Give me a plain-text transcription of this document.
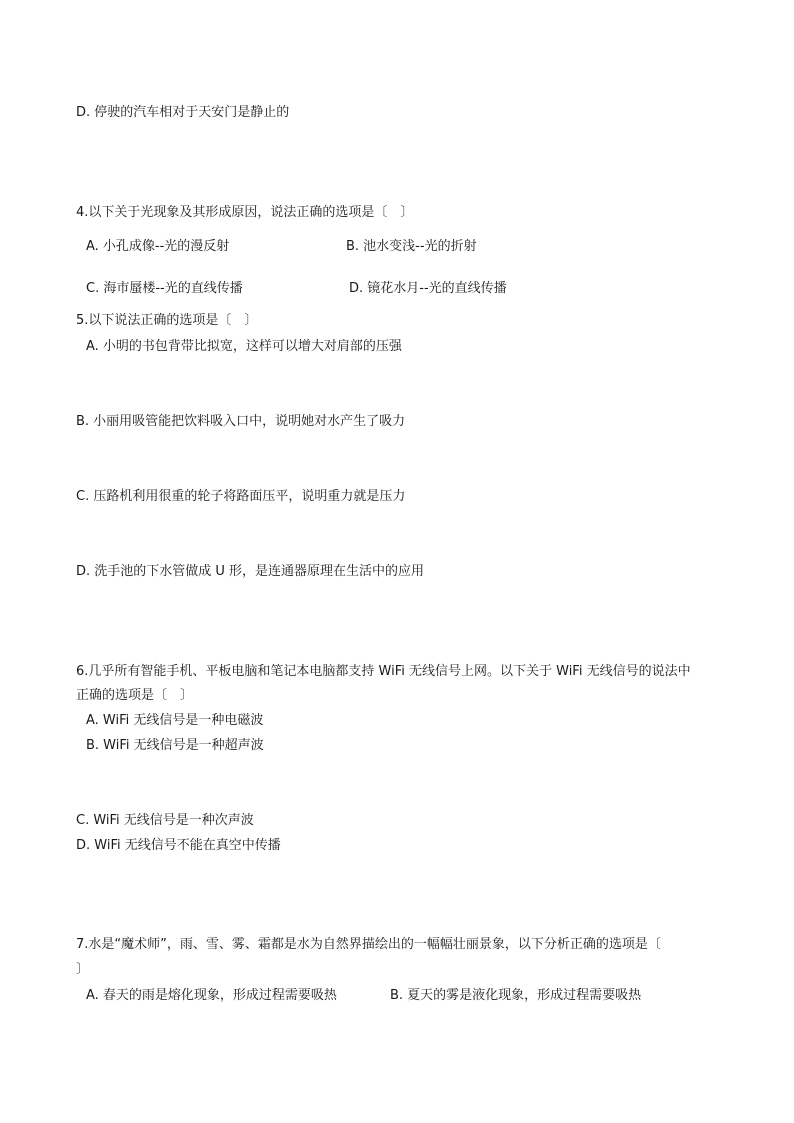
D. 停驶的汽车相对于天安门是静止的
4.以下关于光现象及其形成原因，说法正确的选项是〔　〕
A. 小孔成像--光的漫反射	B. 池水变浅--光的折射
C. 海市蜃楼--光的直线传播	D. 镜花水月--光的直线传播
5.以下说法正确的选项是〔　〕
A. 小明的书包背带比拟宽，这样可以增大对肩部的压强
B. 小丽用吸管能把饮料吸入口中，说明她对水产生了吸力
C. 压路机利用很重的轮子将路面压平，说明重力就是压力
D. 洗手池的下水管做成 U 形，是连通器原理在生活中的应用
6.几乎所有智能手机、平板电脑和笔记本电脑都支持 WiFi 无线信号上网。以下关于 WiFi 无线信号的说法中
正确的选项是〔　〕
A. WiFi 无线信号是一种电磁波
B. WiFi 无线信号是一种超声波
C. WiFi 无线信号是一种次声波
D. WiFi 无线信号不能在真空中传播
7.水是“魔术师”，雨、雪、雾、霜都是水为自然界描绘出的一幅幅壮丽景象，以下分析正确的选项是〔
〕
A. 春天的雨是熔化现象，形成过程需要吸热	B. 夏天的雾是液化现象，形成过程需要吸热
